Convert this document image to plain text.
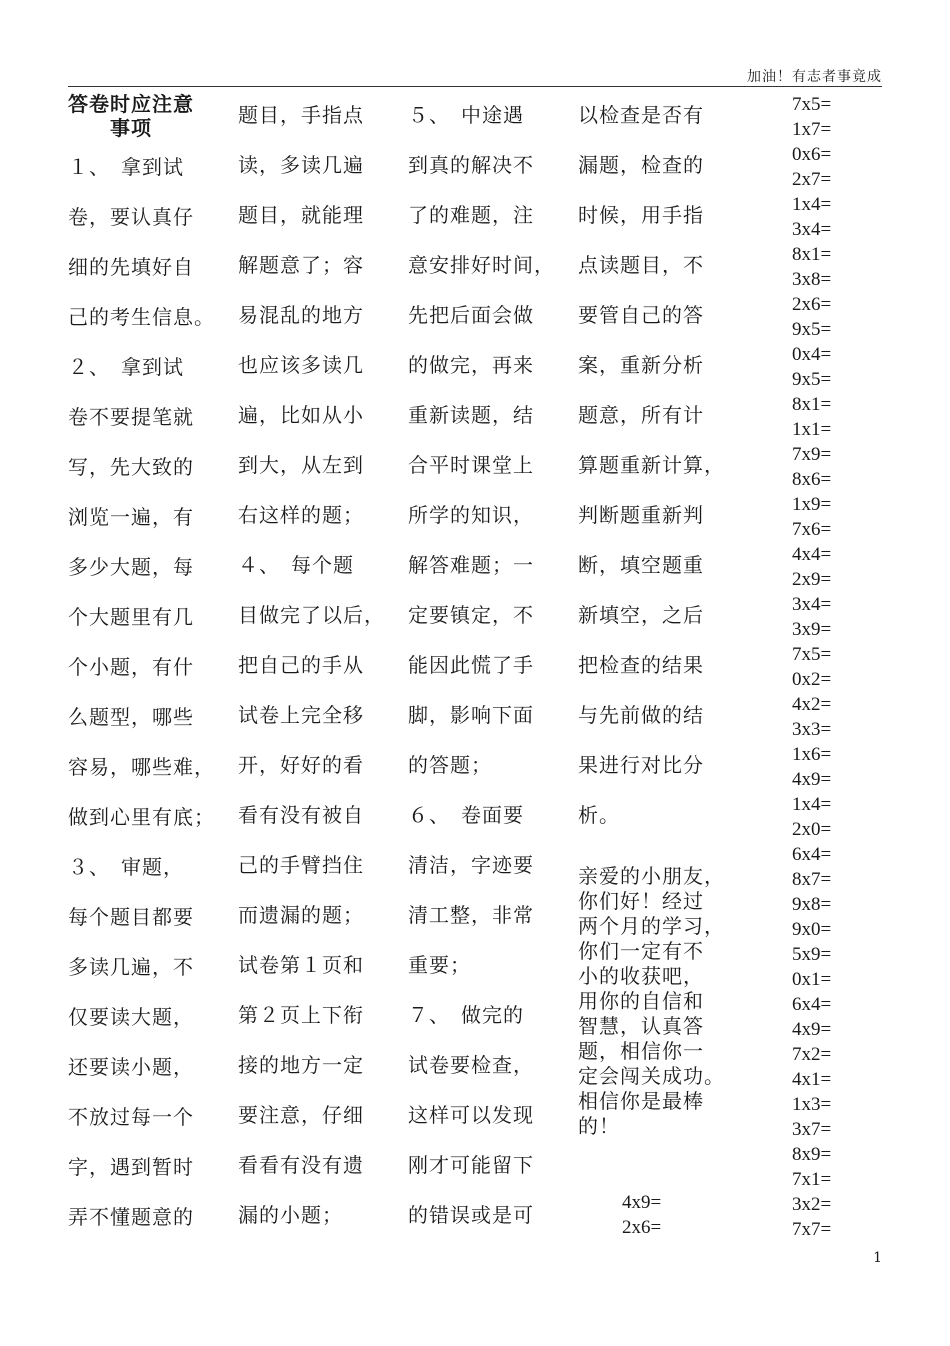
加油！有志者事竟成
答卷时应注意
事项

１、　拿到试

卷，要认真仔

细的先填好自

己的考生信息。

２、　拿到试

卷不要提笔就

写，先大致的

浏览一遍，有

多少大题，每

个大题里有几

个小题，有什

么题型，哪些

容易，哪些难，

做到心里有底；

３、　审题，

每个题目都要

多读几遍，不

仅要读大题，

还要读小题，

不放过每一个

字，遇到暂时

弄不懂题意的

题目，手指点

读，多读几遍

题目，就能理

解题意了；容

易混乱的地方

也应该多读几

遍，比如从小

到大，从左到

右这样的题；

４、　每个题

目做完了以后，

把自己的手从

试卷上完全移

开，好好的看

看有没有被自

己的手臂挡住

而遗漏的题；

试卷第１页和

第２页上下衔

接的地方一定

要注意，仔细

看看有没有遗

漏的小题；

５、　中途遇

到真的解决不

了的难题，注

意安排好时间，

先把后面会做

的做完，再来

重新读题，结

合平时课堂上

所学的知识，

解答难题；一

定要镇定，不

能因此慌了手

脚，影响下面

的答题；

６、　卷面要

清洁，字迹要

清工整，非常

重要；

７、　做完的

试卷要检查，

这样可以发现

刚才可能留下

的错误或是可

以检查是否有

漏题，检查的

时候，用手指

点读题目，不

要管自己的答

案，重新分析

题意，所有计

算题重新计算，

判断题重新判

断，填空题重

新填空，之后

把检查的结果

与先前做的结

果进行对比分

析。

亲爱的小朋友，

你们好！经过

两个月的学习，

你们一定有不

小的收获吧，

用你的自信和

智慧，认真答

题，相信你一

定会闯关成功。

相信你是最棒

的！

4x9=
2x6=
7x5=
1x7=
0x6=
2x7=
1x4=
3x4=
8x1=
3x8=
2x6=
9x5=
0x4=
9x5=
8x1=
1x1=
7x9=
8x6=
1x9=
7x6=
4x4=
2x9=
3x4=
3x9=
7x5=
0x2=
4x2=
3x3=
1x6=
4x9=
1x4=
2x0=
6x4=
8x7=
9x8=
9x0=
5x9=
0x1=
6x4=
4x9=
7x2=
4x1=
1x3=
3x7=
8x9=
7x1=
3x2=
7x7=
1
